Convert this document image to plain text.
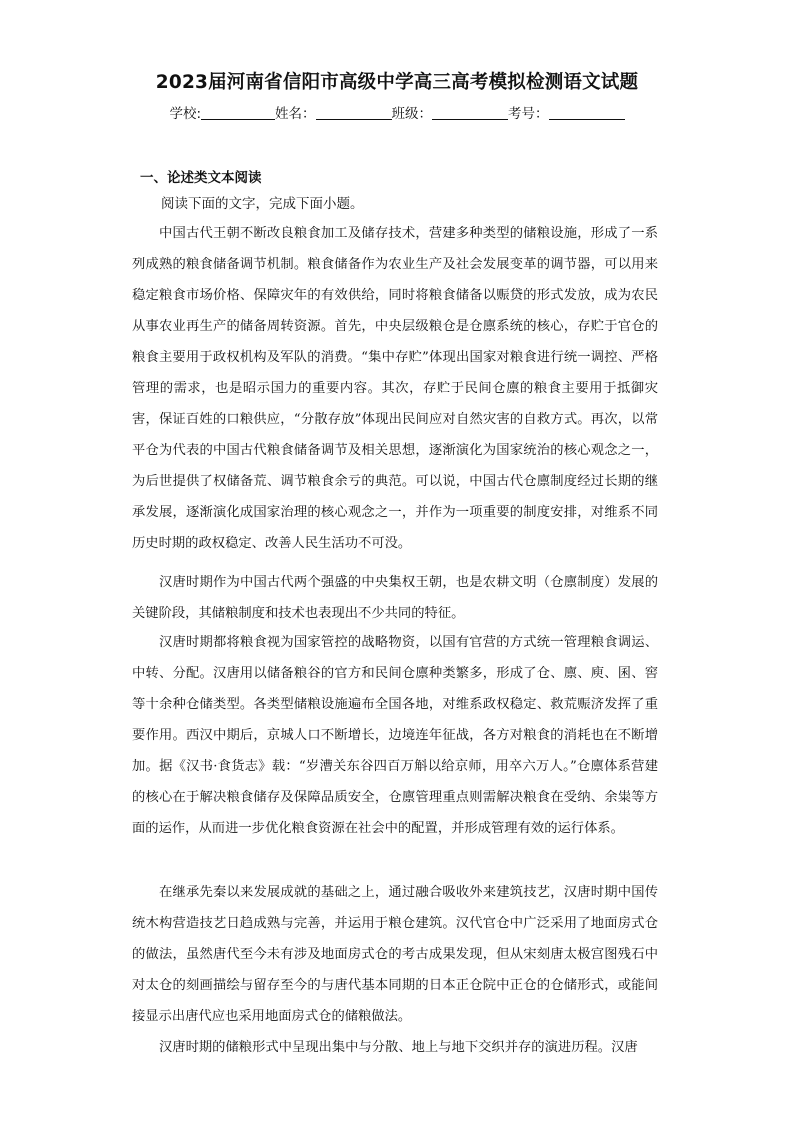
2023届河南省信阳市高级中学高三高考模拟检测语文试题
学校:	姓名：	班级：	考号：
一、论述类文本阅读
阅读下面的文字，完成下面小题。

中国古代王朝不断改良粮食加工及储存技术，营建多种类型的储粮设施，形成了一系列成熟的粮食储备调节机制。粮食储备作为农业生产及社会发展变革的调节器，可以用来稳定粮食市场价格、保障灾年的有效供给，同时将粮食储备以赈贷的形式发放，成为农民从事农业再生产的储备周转资源。首先，中央层级粮仓是仓廪系统的核心，存贮于官仓的粮食主要用于政权机构及军队的消费。“集中存贮”体现出国家对粮食进行统一调控、严格管理的需求，也是昭示国力的重要内容。其次，存贮于民间仓廪的粮食主要用于抵御灾害，保证百姓的口粮供应，“分散存放”体现出民间应对自然灾害的自救方式。再次，以常平仓为代表的中国古代粮食储备调节及相关思想，逐渐演化为国家统治的核心观念之一，为后世提供了权储备荒、调节粮食余亏的典范。可以说，中国古代仓廪制度经过长期的继承发展，逐渐演化成国家治理的核心观念之一，并作为一项重要的制度安排，对维系不同历史时期的政权稳定、改善人民生活功不可没。

汉唐时期作为中国古代两个强盛的中央集权王朝，也是农耕文明（仓廪制度）发展的关键阶段，其储粮制度和技术也表现出不少共同的特征。

汉唐时期都将粮食视为国家管控的战略物资，以国有官营的方式统一管理粮食调运、中转、分配。汉唐用以储备粮谷的官方和民间仓廪种类繁多，形成了仓、廪、庾、囷、窖等十余种仓储类型。各类型储粮设施遍布全国各地，对维系政权稳定、救荒赈济发挥了重要作用。西汉中期后，京城人口不断增长，边境连年征战，各方对粮食的消耗也在不断增加。据《汉书·食货志》载：“岁漕关东谷四百万斛以给京师，用卒六万人。”仓廪体系营建的核心在于解决粮食储存及保障品质安全，仓廪管理重点则需解决粮食在受纳、余粜等方面的运作，从而进一步优化粮食资源在社会中的配置，并形成管理有效的运行体系。

在继承先秦以来发展成就的基础之上，通过融合吸收外来建筑技艺，汉唐时期中国传统木构营造技艺日趋成熟与完善，并运用于粮仓建筑。汉代官仓中广泛采用了地面房式仓的做法，虽然唐代至今未有涉及地面房式仓的考古成果发现，但从宋刻唐太极宫图残石中对太仓的刻画描绘与留存至今的与唐代基本同期的日本正仓院中正仓的仓储形式，或能间接显示出唐代应也采用地面房式仓的储粮做法。

汉唐时期的储粮形式中呈现出集中与分散、地上与地下交织并存的演进历程。汉唐
